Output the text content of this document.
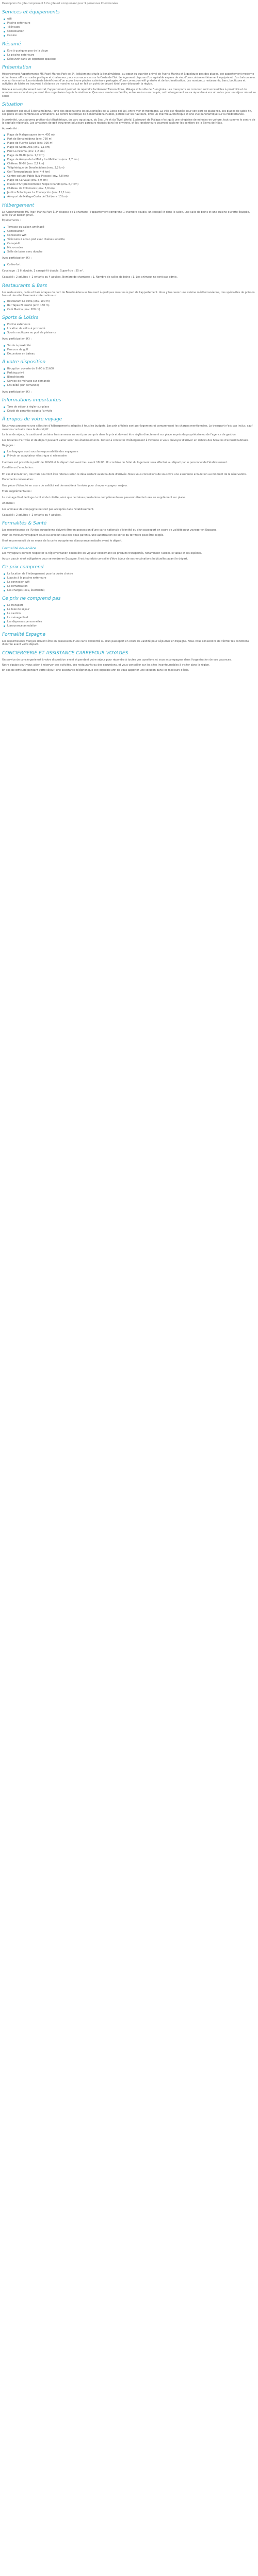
Description Ce gite comprenant 1 Ce gite est comprenant pour 9 personnes Coordonnées

Services et équipements
wifi
Piscine extérieure
Télévision
Climatisation
Cuisine
Résumé
Être à quelques pas de la plage
La piscine extérieure
Découvrir dans un logement spacieux
Présentation

Hébergement Appartements MS Pearl Marina Park se 2*. Idéalement située à Benalmádena, au cœur du quartier animé de Puerto Marina et à quelques pas des plages, cet appartement moderne et lumineux offre un cadre pratique et chaleureux pour vos vacances sur la Costa del Sol. Le logement dispose d'un agréable espace de vie, d'une cuisine entièrement équipée et d'un balcon avec vue sur la marina. Les résidents bénéficient d'un accès à une piscine extérieure partagée, d'une connexion wifi gratuite et de la climatisation. Les nombreux restaurants, bars, boutiques et activités de loisirs se trouvent à distance de marche, ce qui en fait un point de départ idéal pour découvrir la région.

Grâce à son emplacement central, l'appartement permet de rejoindre facilement Torremolinos, Málaga et la ville de Fuengirola. Les transports en commun sont accessibles à proximité et de nombreuses excursions peuvent être organisées depuis la résidence. Que vous veniez en famille, entre amis ou en couple, cet hébergement saura répondre à vos attentes pour un séjour réussi au soleil.

Situation

Le logement est situé à Benalmádena, l'une des destinations les plus prisées de la Costa del Sol, entre mer et montagne. La ville est réputée pour son port de plaisance, ses plages de sable fin, ses parcs et ses nombreuses animations. Le centre historique de Benalmádena Pueblo, perché sur les hauteurs, offre un charme authentique et une vue panoramique sur la Méditerranée.

À proximité, vous pourrez profiter du téléphérique, du parc aquatique, du Sea Life et du Tivoli World. L'aéroport de Málaga n'est qu'à une vingtaine de minutes en voiture, tout comme le centre de la capitale régionale. Les amateurs de golf trouveront plusieurs parcours réputés dans les environs, et les randonneurs pourront explorer les sentiers de la Sierra de Mijas.

À proximité :

Plage de Malapesquera (env. 450 m)
Port de Benalmádena (env. 750 m)
Plage de Fuente Salud (env. 900 m)
Plage de Santa Ana (env. 1,1 km)
Parc La Paloma (env. 1,2 km)
Plage de Bil-Bil (env. 1,7 km)
Plage de Arroyo de la Miel y los Melilleros (env. 1,7 km)
Château Bil-Bil (env. 2,2 km)
Téléphérique de Benalmádena (env. 3,2 km)
Golf Torrequebrada (env. 4,4 km)
Centre culturel Pablo Ruiz Picasso (env. 4,8 km)
Plage de Carvajal (env. 5,9 km)
Musée d'Art précolombien Felipe Orlando (env. 6,7 km)
Château de Colomares (env. 7,9 km)
Jardins Botaniques La Concepción (env. 11,1 km)
Aéroport de Málaga-Costa del Sol (env. 13 km)
Hébergement

Le Appartements MS Pearl Marina Park à 2* dispose de 1 chambre : l'appartement comprend 1 chambre double, un canapé-lit dans le salon, une salle de bains et une cuisine ouverte équipée, ainsi qu'un balcon privé.

Équipements :

Terrasse ou balcon aménagé
Climatisation
Connexion Wifi
Télévision à écran plat avec chaînes satellite
Canapé-lit
Micro-ondes
Salle de bains avec douche

Avec participation (€) :

Coffre-fort

Couchage : 1 lit double, 1 canapé-lit double. Superficie : 55 m².

Capacité : 2 adultes + 2 enfants ou 4 adultes. Nombre de chambres : 1. Nombre de salles de bains : 1. Les animaux ne sont pas admis.

Restaurants & Bars

Les restaurants, cafés et bars à tapas du port de Benalmádena se trouvent à quelques minutes à pied de l'appartement. Vous y trouverez une cuisine méditerranéenne, des spécialités de poisson frais et des établissements internationaux.

Restaurant La Perla (env. 100 m)
Bar Tapas El Puerto (env. 150 m)
Café Marina (env. 200 m)
Sports & Loisirs
Piscine extérieure
Location de vélos à proximité
Sports nautiques au port de plaisance

Avec participation (€) :

Tennis à proximité
Parcours de golf
Excursions en bateau
À votre disposition
Réception ouverte de 9h00 à 21h00
Parking privé
Blanchisserie
Service de ménage sur demande
Lits bébé (sur demande)

Avec participation (€) :

Informations importantes
Taxe de séjour à régler sur place
Dépôt de garantie exigé à l'arrivée
À propos de votre voyage

Nous vous proposons une sélection d'hébergements adaptés à tous les budgets. Les prix affichés sont par logement et comprennent les charges mentionnées. Le transport n'est pas inclus, sauf mention contraire dans le descriptif.

La taxe de séjour, la caution et certains frais annexes ne sont pas compris dans le prix et doivent être réglés directement sur place auprès du propriétaire ou de l'agence de gestion.

Les horaires d'arrivée et de départ peuvent varier selon les établissements. Pensez à contacter l'hébergement à l'avance si vous prévoyez d'arriver en dehors des horaires d'accueil habituels.

Bagages :

Les bagages sont sous la responsabilité des voyageurs
Prévoir un adaptateur électrique si nécessaire

L'arrivée est possible à partir de 16h00 et le départ doit avoir lieu avant 10h00. Un contrôle de l'état du logement sera effectué au départ par le personnel de l'établissement.

Conditions d'annulation :

En cas d'annulation, des frais pourront être retenus selon le délai restant avant la date d'arrivée. Nous vous conseillons de souscrire une assurance annulation au moment de la réservation.

Documents nécessaires :

Une pièce d'identité en cours de validité est demandée à l'arrivée pour chaque voyageur majeur.

Frais supplémentaires :

Le ménage final, le linge de lit et de toilette, ainsi que certaines prestations complémentaires peuvent être facturés en supplément sur place.

Animaux :

Les animaux de compagnie ne sont pas acceptés dans l'établissement.

Capacité : 2 adultes + 2 enfants ou 4 adultes.

Formalités & Santé

Les ressortissants de l'Union européenne doivent être en possession d'une carte nationale d'identité ou d'un passeport en cours de validité pour voyager en Espagne.

Pour les mineurs voyageant seuls ou avec un seul des deux parents, une autorisation de sortie du territoire peut être exigée.

Il est recommandé de se munir de la carte européenne d'assurance maladie avant le départ.

Formalité douanière

Les voyageurs doivent respecter la réglementation douanière en vigueur concernant les produits transportés, notamment l'alcool, le tabac et les espèces.

Aucun vaccin n'est obligatoire pour se rendre en Espagne. Il est toutefois conseillé d'être à jour de ses vaccinations habituelles avant le départ.

Ce prix comprend
La location de l'hébergement pour la durée choisie
L'accès à la piscine extérieure
La connexion wifi
La climatisation
Les charges (eau, électricité)
Ce prix ne comprend pas
Le transport
La taxe de séjour
La caution
Le ménage final
Les dépenses personnelles
L'assurance annulation
Formalité Espagne

Les ressortissants français doivent être en possession d'une carte d'identité ou d'un passeport en cours de validité pour séjourner en Espagne. Nous vous conseillons de vérifier les conditions d'entrée avant votre départ.

CONCIERGERIE ET ASSISTANCE CARREFOUR VOYAGES

Un service de conciergerie est à votre disposition avant et pendant votre séjour pour répondre à toutes vos questions et vous accompagner dans l'organisation de vos vacances.

Notre équipe peut vous aider à réserver des activités, des restaurants ou des excursions, et vous conseiller sur les sites incontournables à visiter dans la région.

En cas de difficulté pendant votre séjour, une assistance téléphonique est joignable afin de vous apporter une solution dans les meilleurs délais.
